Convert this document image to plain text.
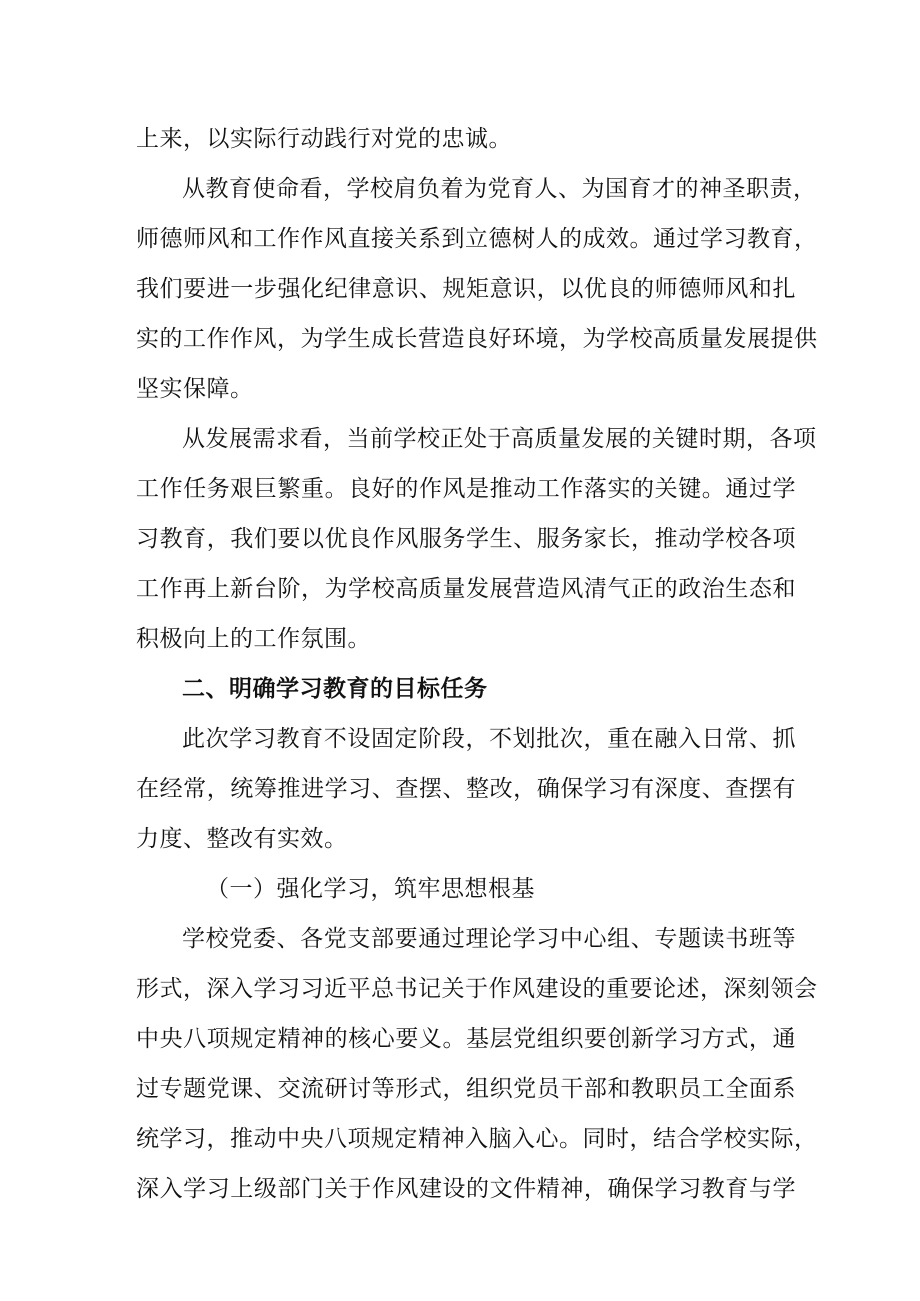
上来，以实际行动践行对党的忠诚。
从教育使命看，学校肩负着为党育人、为国育才的神圣职责，
师德师风和工作作风直接关系到立德树人的成效。通过学习教育，
我们要进一步强化纪律意识、规矩意识，以优良的师德师风和扎
实的工作作风，为学生成长营造良好环境，为学校高质量发展提供
坚实保障。
从发展需求看，当前学校正处于高质量发展的关键时期，各项
工作任务艰巨繁重。良好的作风是推动工作落实的关键。通过学
习教育，我们要以优良作风服务学生、服务家长，推动学校各项
工作再上新台阶，为学校高质量发展营造风清气正的政治生态和
积极向上的工作氛围。
二、明确学习教育的目标任务
此次学习教育不设固定阶段，不划批次，重在融入日常、抓
在经常，统筹推进学习、查摆、整改，确保学习有深度、查摆有
力度、整改有实效。
（一）强化学习，筑牢思想根基
学校党委、各党支部要通过理论学习中心组、专题读书班等
形式，深入学习习近平总书记关于作风建设的重要论述，深刻领会
中央八项规定精神的核心要义。基层党组织要创新学习方式，通
过专题党课、交流研讨等形式，组织党员干部和教职员工全面系
统学习，推动中央八项规定精神入脑入心。同时，结合学校实际，
深入学习上级部门关于作风建设的文件精神，确保学习教育与学
